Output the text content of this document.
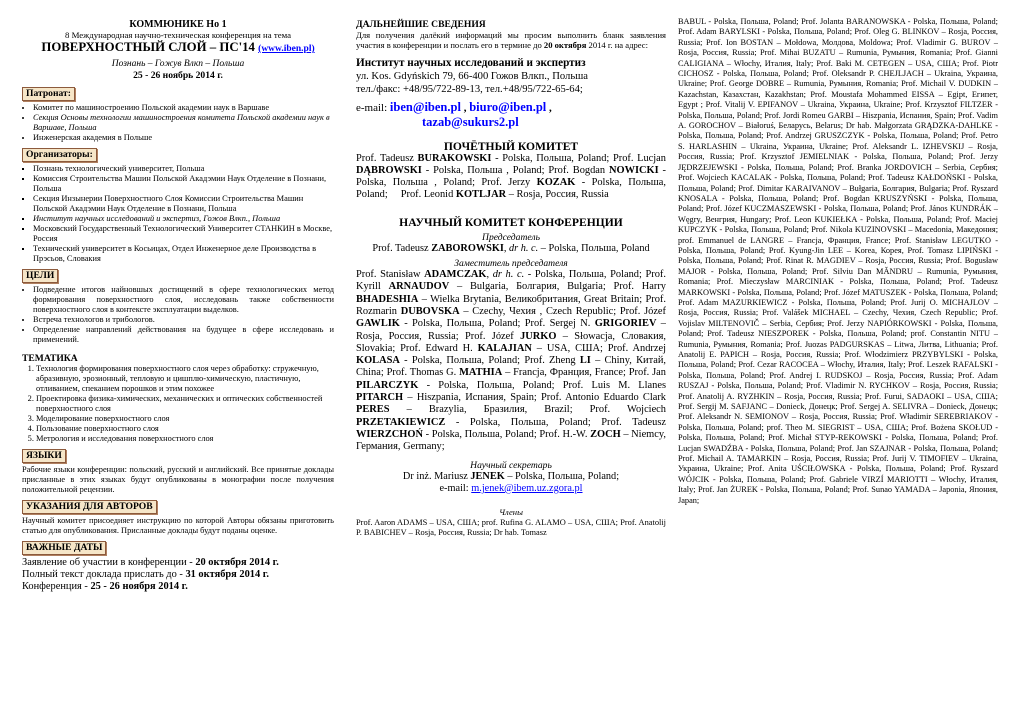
КОММЮНИКЕ Но 1
8 Международная научно-техническая конференция на тема
ПОВЕРХНОСТНЫЙ СЛОЙ – ПС'14 (www.iben.pl)
Познань – Гожув Влкп – Польша
25 - 26 ноябрь 2014 г.
Патронат:
• Комитет по машиностроению Польской академии наук в Варшаве
• Секция Основы технологии машиностроения комитета Польской академии наук в Варшаве, Польша
• Инженерская академия в Польше
Организаторы:
▪ Познань технологический университет, Польша
▪ Комиссия Строительства Машин Польской Акадэмии Наук Отделение в Познани, Польша
▪ Секция Инзынерии Поверхностного Слоя Комиссии Строительства Машин Польской Акадэмии Наук Отделение в Познани, Польша
▪ Институт научных исследований и экспертиз, Гожов Влкп., Польша
▪ Московский Государственный Технологический Университет СТАНКИН в Москве, Россия
▪ Технический университет в Косьицах, Отдел Инженерное деле Производства в Прэсьов, Словакия
ЦЕЛИ
• Подведение итогов найновшых достищений в сфере технологических метод формирования поверхностного слоя, исследовань также собственности поверхностного слоя в контексте эксплуатации выделков.
• Встреча технологов и трибологов.
• Определение направлений действования на будущее в сфере исследовань и применений.
ТЕМАТИКА
1. Технология формирования поверхностного слоя через обработку: стружечную, абразивную, эрозионный, тепловую и цишплю-химическую, пластичную, отливанием, спеканием порошков и этим похожее
2. Проектировка физика-химических, механических и оптических собственностей поверхностного слоя
3. Моделирование поверхностного слоя
4. Пользование поверхностного слоя
5. Метрология и исследования поверхностного слоя
ЯЗЫКИ
Рабочие языки конференции: польский, русский и английский. Все принятые доклады присланные в этих языках будут опубликованы в монографии после получения положительной рецензии.
УКАЗАНИЯ ДЛЯ АВТОРОВ
Научный комитет присоедияет инструкцию по которой Авторы обязаны приготовить статью для опубликования. Присланные доклады будут поданы оценке.
ВАЖНЫЕ ДАТЫ
Заявление об участии в конференции - 20 октября 2014 г.
Полный текст доклада прислать до - 31 октября 2014 г.
Конференция - 25 - 26 ноября 2014 г.
ДАЛЬНЕЙШИЕ СВЕДЕНИЯ
Для получения далёкий информаций мы просим выполнить бланк заявления участия в конференции и послать его в термине до 20 октября 2014 г. на адрес:
Институт научных исследований и экспертиз
ул. Kos. Gdyńskich 79, 66-400 Гожов Влкп., Польша
тел./факс: +48/95/722-89-13, тел.+48/95/722-65-64;
e-mail: iben@iben.pl , biuro@iben.pl ,
tazab@sukurs2.pl
ПОЧЁТНЫЙ КОМИТЕТ
Prof. Tadeusz BURAKOWSKI - Polska, Польша, Poland; Prof. Lucjan DĄBROWSKI - Polska, Польша , Poland; Prof. Bogdan NOWICKI - Polska, Польша , Poland; Prof. Jerzy KOZAK - Polska, Польша, Poland;     Prof. Leonid KOTLJAR – Rosja, Россия, Russia
НАУЧНЫЙ КОМИТЕТ КОНФЕРЕНЦИИ
Председатель
Prof. Tadeusz ZABOROWSKI, dr h. c. – Polska, Польша, Poland
Заместитель председателя
Prof. Stanisław ADAMCZAK, dr h. c. - Polska, Польша, Poland; Prof. Kyrill ARNAUDOV – Bulgaria, Болгария, Bulgaria; Prof. Harry BHADESHIA – Wielka Brytania, Великобритания, Great Britain; Prof. Rozmarin DUBOVSKA – Czechy, Чехия , Czech Republic; Prof. Józef GAWLIK - Polska, Польша, Poland; Prof. Sergej N. GRIGORIEV – Rosja, Россия, Russia; Prof. Józef JURKO – Słowacja, Словакия, Slovakia; Prof. Edward H. KALAJIAN – USA, США; Prof. Andrzej KOLASA - Polska, Польша, Poland; Prof. Zheng LI – Chiny, Китай, China; Prof. Thomas G. MATHIA – Francja, Франция, France; Prof. Jan PILARCZYK - Polska, Польша, Poland; Prof. Luis M. Llanes PITARCH – Hiszpania, Испания, Spain; Prof. Antonio Eduardo Clark PERES – Brazylia, Бразилия, Brazil; Prof. Wojciech PRZETAKIEWICZ - Polska, Польша, Poland; Prof. Tadeusz WIERZCHOŃ - Polska, Польша, Poland; Prof. H.-W. ZOCH – Niemcy, Германия, Germany;
Научный секретарь
Dr inż. Mariusz JENEK – Polska, Польша, Poland;
e-mail: m.jenek@ibem.uz.zgora.pl
Члены
Prof. Aaron ADAMS – USA, США; prof. Rufina G. ALAMO – USA, США; Prof. Anatolij P. BABICHEV – Rosja, Россия, Russia; Dr hab. Tomasz
BABUL - Polska, Польша, Poland; Prof. Jolanta BARANOWSKA - Polska, Польша, Poland; Prof. Adam BARYLSKI - Polska, Польша, Poland; Prof. Oleg G. BLINKOV – Rosja, Россия, Russia; Prof. Ion BOSTAN – Mołdowa, Молдова, Moldowa; Prof. Vladimir G. BUROV – Rosja, Россия, Russia; Prof. Mihai BUZATU – Rumunia, Румыния, Romania; Prof. Gianni CALIGIANA – Włochy, Италия, Italy; Prof. Baki M. CETEGEN – USA, США; Prof. Piotr CICHOSZ - Polska, Польша, Poland; Prof. Oleksandr P. CHEJLJACH – Ukraina, Украина, Ukraine; Prof. George DOBRE – Rumunia, Румыния, Romania; Prof. Michail V. DUDKIN – Kazachstan, Казахстан, Kazakhstan; Prof. Moustafa Mohammed EISSA – Egipt, Египет, Egypt ; Prof. Vitalij V. EPIFANOV – Ukraina, Украина, Ukraine; Prof. Krzysztof FILTZER - Polska, Польша, Poland; Prof. Jordi Romeu GARBI – Hiszpania, Испания, Spain; Prof. Vadim A. GOROCHOV – Białoruś, Беларусь, Belarus; Dr hab. Małgorzata GRĄDZKA-DAHLKE - Polska, Польша, Poland; Prof. Andrzej GRUSZCZYK - Polska, Польша, Poland; Prof. Petro S. HARLASHIN – Ukraina, Украина, Ukraine; Prof. Aleksandr L. IZHEVSKIJ – Rosja, Россия, Russia; Prof. Krzysztof JEMIELNIAK - Polska, Польша, Poland; Prof. Jerzy JĘDRZEJEWSKI - Polska, Польша, Poland; Prof. Branka JORDOVICH – Serbia, Сербия; Prof. Wojciech KACALAK - Polska, Польша, Poland; Prof. Tadeusz KAŁDOŃSKI - Polska, Польша, Poland; Prof. Dimitar KARAIVANOV – Bułgaria, Болгария, Bulgaria; Prof. Ryszard KNOSALA - Polska, Польша, Poland; Prof. Bogdan KRUSZYŃSKI - Polska, Польша, Poland; Prof. Józef KUCZMASZEWSKI - Polska, Польша, Poland; Prof. János KUNDRÁK – Węgry, Венгрия, Hungary; Prof. Leon KUKIEŁKA - Polska, Польша, Poland; Prof. Maciej KUPCZYK - Polska, Польша, Poland; Prof. Nikola KUZINOVSKI – Macedonia, Македония; prof. Emmanuel de LANGRE – Francja, Франция, France; Prof. Stanisław LEGUTKO - Polska, Польша, Poland; Prof. Kyung-Jin LEE – Korea, Корея, Prof. Tomasz LIPIŃSKI - Polska, Польша, Poland; Prof. Rinat R. MAGDIEV – Rosja, Россия, Russia; Prof. Bogusław MAJOR - Polska, Польша, Poland; Prof. Silviu Dan MĂNDRU – Rumunia, Румыния, Romania; Prof. Mieczysław MARCINIAK - Polska, Польша, Poland; Prof. Tadeusz MARKOWSKI - Polska, Польша, Poland; Prof. Józef MATUSZEK - Polska, Польша, Poland; Prof. Adam MAZURKIEWICZ - Polska, Польша, Poland; Prof. Jurij O. MICHAJLOV – Rosja, Россия, Russia; Prof. Valášek MICHAEL – Czechy, Чехия, Czech Republic; Prof. Vojislav MILTENOVIČ – Serbia, Сербия; Prof. Jerzy NAPIÓRKOWSKI - Polska, Польша, Poland; Prof. Tadeusz NIESZPOREK - Polska, Польша, Poland; prof. Constantin NITU – Rumunia, Румыния, Romania; Prof. Juozas PADGURSKAS – Litwa, Литва, Lithuania; Prof. Anatolij E. PAPICH – Rosja, Россия, Russia; Prof. Włodzimierz PRZYBYLSKI - Polska, Польша, Poland; Prof. Cezar RACOCEA – Włochy, Италия, Italy; Prof. Leszek RAFALSKI - Polska, Польша, Poland; Prof. Andrej I. RUDSKOJ – Rosja, Россия, Russia; Prof. Adam RUSZAJ - Polska, Польша, Poland; Prof. Vladimir N. RYCHKOV – Rosja, Россия, Russia; Prof. Anatolij A. RYZHKIN – Rosja, Россия, Russia; Prof. Furui, SADAOKI – USA, США; Prof. Sergij M. SAFJANC – Donieck, Донецк; Prof. Sergej A. SELIVRA – Donieck, Донецк; Prof. Aleksandr N. SEMIONOV – Rosja, Россия, Russia; Prof. Władimir SEREBRIAKOV - Polska, Польша, Poland; prof. Theo M. SIEGRIST – USA, США; Prof. Bożena SKOŁUD - Polska, Польша, Poland; Prof. Michał STYP-REKOWSKI - Polska, Польша, Poland; Prof. Lucjan SWADŹBA - Polska, Польша, Poland; Prof. Jan SZAJNAR - Polska, Польша, Poland; Prof. Michail A. TAMARKIN – Rosja, Россия, Russia; Prof. Jurij V. TIMOFIEV – Ukraina, Украина, Ukraine; Prof. Anita UŚCIŁOWSKA - Polska, Польша, Poland; Prof. Ryszard WÓJCIK - Polska, Польша, Poland; Prof. Gabriele VIRZÍ MARIOTTI – Włochy, Италия, Italy; Prof. Jan ŻUREK - Polska, Польша, Poland; Prof. Sunao YAMADA – Japonia, Япония, Japan;
